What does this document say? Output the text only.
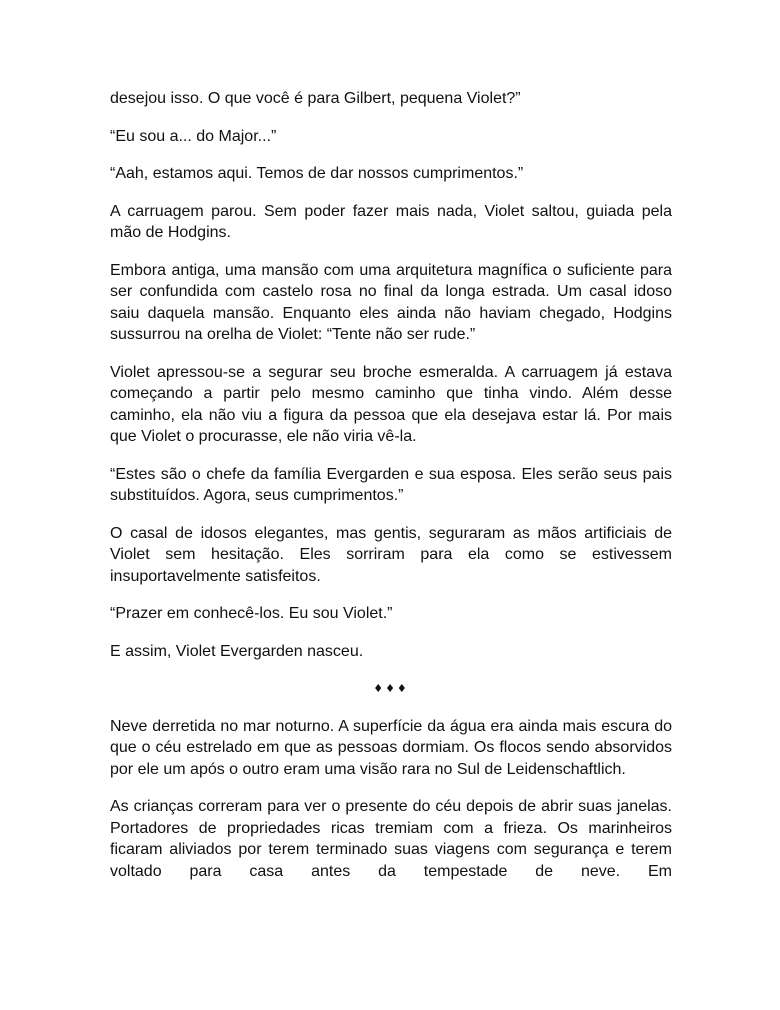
desejou isso. O que você é para Gilbert, pequena Violet?”

“Eu sou a... do Major...”

“Aah, estamos aqui. Temos de dar nossos cumprimentos.”

A carruagem parou. Sem poder fazer mais nada, Violet saltou, guiada pela mão de Hodgins.

Embora antiga, uma mansão com uma arquitetura magnífica o suficiente para ser confundida com castelo rosa no final da longa estrada. Um casal idoso saiu daquela mansão. Enquanto eles ainda não haviam chegado, Hodgins sussurrou na orelha de Violet: “Tente não ser rude.”

Violet apressou-se a segurar seu broche esmeralda. A carruagem já estava começando a partir pelo mesmo caminho que tinha vindo. Além desse caminho, ela não viu a figura da pessoa que ela desejava estar lá. Por mais que Violet o procurasse, ele não viria vê-la.

“Estes são o chefe da família Evergarden e sua esposa. Eles serão seus pais substituídos. Agora, seus cumprimentos.”

O casal de idosos elegantes, mas gentis, seguraram as mãos artificiais de Violet sem hesitação. Eles sorriram para ela como se estivessem insuportavelmente satisfeitos.

“Prazer em conhecê-los. Eu sou Violet.”

E assim, Violet Evergarden nasceu.

♦♦♦

Neve derretida no mar noturno. A superfície da água era ainda mais escura do que o céu estrelado em que as pessoas dormiam. Os flocos sendo absorvidos por ele um após o outro eram uma visão rara no Sul de Leidenschaftlich.

As crianças correram para ver o presente do céu depois de abrir suas janelas. Portadores de propriedades ricas tremiam com a frieza. Os marinheiros ficaram aliviados por terem terminado suas viagens com segurança e terem voltado para casa antes da tempestade de neve. Em
